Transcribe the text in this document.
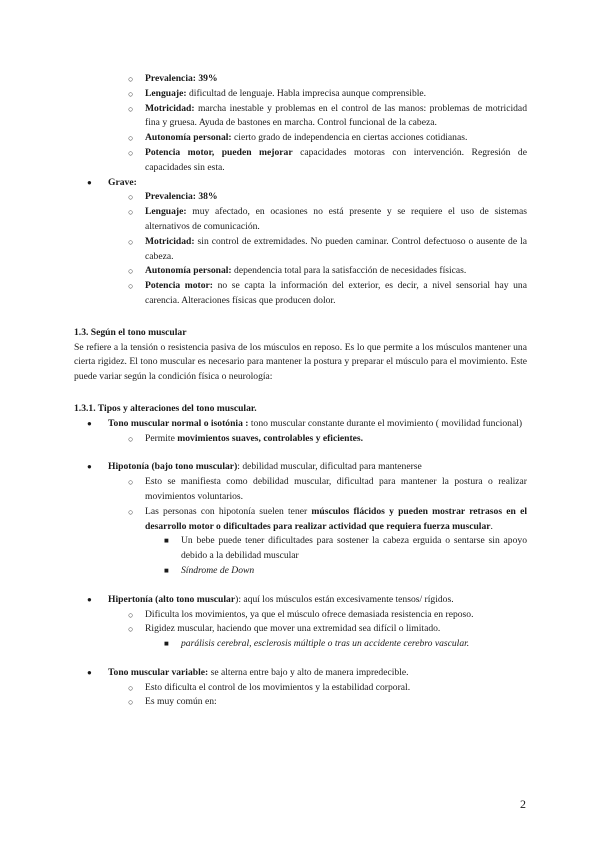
○ Prevalencia: 39%
○ Lenguaje: dificultad de lenguaje. Habla imprecisa aunque comprensible.
○ Motricidad: marcha inestable y problemas en el control de las manos: problemas de motricidad fina y gruesa. Ayuda de bastones en marcha. Control funcional de la cabeza.
○ Autonomía personal: cierto grado de independencia en ciertas acciones cotidianas.
○ Potencia motor, pueden mejorar capacidades motoras con intervención. Regresión de capacidades sin esta.
● Grave:
○ Prevalencia: 38%
○ Lenguaje: muy afectado, en ocasiones no está presente y se requiere el uso de sistemas alternativos de comunicación.
○ Motricidad: sin control de extremidades. No pueden caminar. Control defectuoso o ausente de la cabeza.
○ Autonomía personal: dependencia total para la satisfacción de necesidades físicas.
○ Potencia motor: no se capta la información del exterior, es decir, a nivel sensorial hay una carencia. Alteraciones físicas que producen dolor.
1.3. Según el tono muscular

Se refiere a la tensión o resistencia pasiva de los músculos en reposo. Es lo que permite a los músculos mantener una cierta rigidez. El tono muscular es necesario para mantener la postura y preparar el músculo para el movimiento. Este puede variar según la condición física o neurología:

1.3.1. Tipos y alteraciones del tono muscular.
● Tono muscular normal o isotónia : tono muscular constante durante el movimiento ( movilidad funcional)
○ Permite movimientos suaves, controlables y eficientes.
● Hipotonía (bajo tono muscular): debilidad muscular, dificultad para mantenerse
○ Esto se manifiesta como debilidad muscular, dificultad para mantener la postura o realizar movimientos voluntarios.
○ Las personas con hipotonía suelen tener músculos flácidos y pueden mostrar retrasos en el desarrollo motor o dificultades para realizar actividad que requiera fuerza muscular.
■ Un bebe puede tener dificultades para sostener la cabeza erguida o sentarse sin apoyo debido a la debilidad muscular
■ Síndrome de Down
● Hipertonía (alto tono muscular): aquí los músculos están excesivamente tensos/ rígidos.
○ Dificulta los movimientos, ya que el músculo ofrece demasiada resistencia en reposo.
○ Rigidez muscular, haciendo que mover una extremidad sea difícil o limitado.
■ parálisis cerebral, esclerosis múltiple o tras un accidente cerebro vascular.
● Tono muscular variable: se alterna entre bajo y alto de manera impredecible.
○ Esto dificulta el control de los movimientos y la estabilidad corporal.
○ Es muy común en:
2
